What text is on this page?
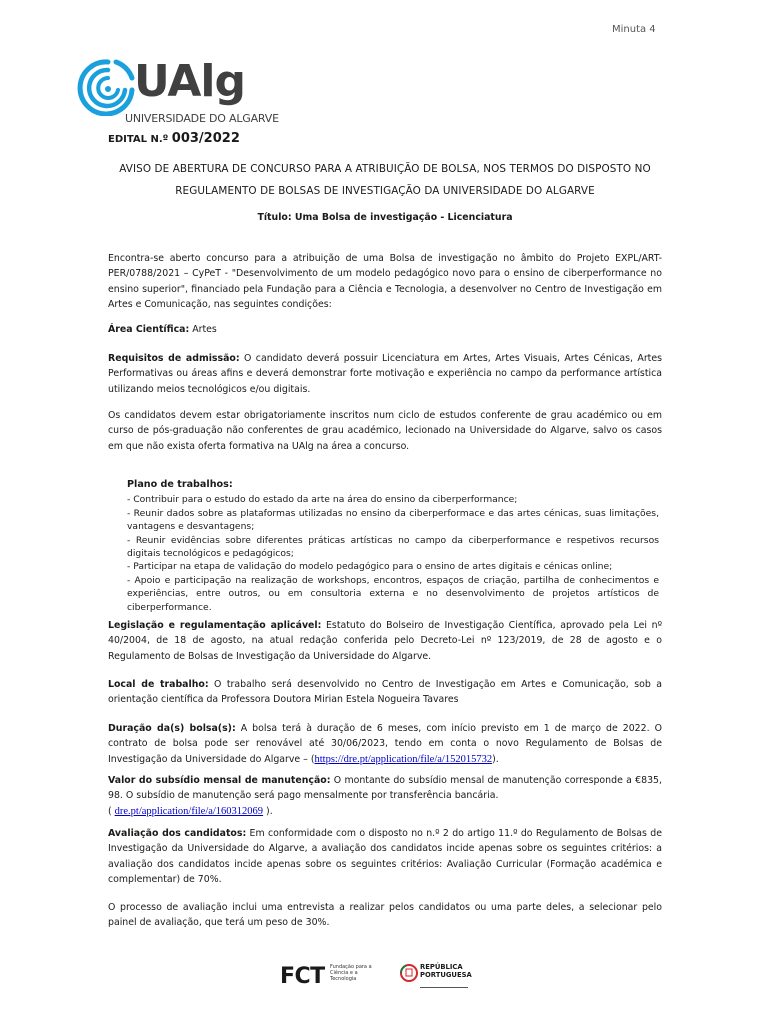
Minuta 4
UAlg
UNIVERSIDADE DO ALGARVE
EDITAL N.º 003/2022
AVISO DE ABERTURA DE CONCURSO PARA A ATRIBUIÇÃO DE BOLSA, NOS TERMOS DO DISPOSTO NO
REGULAMENTO DE BOLSAS DE INVESTIGAÇÃO DA UNIVERSIDADE DO ALGARVE
Título: Uma Bolsa de investigação - Licenciatura
Encontra-se aberto concurso para a atribuição de uma Bolsa de investigação no âmbito do Projeto EXPL/ART-PER/0788/2021 – CyPeT - "Desenvolvimento de um modelo pedagógico novo para o ensino de ciberperformance no ensino superior", financiado pela Fundação para a Ciência e Tecnologia, a desenvolver no Centro de Investigação em Artes e Comunicação, nas seguintes condições:
Área Científica: Artes
Requisitos de admissão: O candidato deverá possuir Licenciatura em Artes, Artes Visuais, Artes Cénicas, Artes Performativas ou áreas afins e deverá demonstrar forte motivação e experiência no campo da performance artística utilizando meios tecnológicos e/ou digitais.
Os candidatos devem estar obrigatoriamente inscritos num ciclo de estudos conferente de grau académico ou em curso de pós-graduação não conferentes de grau académico, lecionado na Universidade do Algarve, salvo os casos em que não exista oferta formativa na UAlg na área a concurso.
Plano de trabalhos:
- Contribuir para o estudo do estado da arte na área do ensino da ciberperformance;
- Reunir dados sobre as plataformas utilizadas no ensino da ciberperformace e das artes cénicas, suas limitações, vantagens e desvantagens;
- Reunir evidências sobre diferentes práticas artísticas no campo da ciberperformance e respetivos recursos digitais tecnológicos e pedagógicos;
- Participar na etapa de validação do modelo pedagógico para o ensino de artes digitais e cénicas online;
- Apoio e participação na realização de workshops, encontros, espaços de criação, partilha de conhecimentos e experiências, entre outros, ou em consultoria externa e no desenvolvimento de projetos artísticos de ciberperformance.
Legislação e regulamentação aplicável: Estatuto do Bolseiro de Investigação Científica, aprovado pela Lei nº 40/2004, de 18 de agosto, na atual redação conferida pelo Decreto-Lei nº 123/2019, de 28 de agosto e o Regulamento de Bolsas de Investigação da Universidade do Algarve.
Local de trabalho: O trabalho será desenvolvido no Centro de Investigação em Artes e Comunicação, sob a orientação científica da Professora Doutora Mirian Estela Nogueira Tavares
Duração da(s) bolsa(s): A bolsa terá à duração de 6 meses, com início previsto em 1 de março de 2022. O contrato de bolsa pode ser renovável até 30/06/2023, tendo em conta o novo Regulamento de Bolsas de Investigação da Universidade do Algarve – (https://dre.pt/application/file/a/152015732).
Valor do subsídio mensal de manutenção: O montante do subsídio mensal de manutenção corresponde a €835, 98. O subsídio de manutenção será pago mensalmente por transferência bancária.
( dre.pt/application/file/a/160312069 ).
Avaliação dos candidatos: Em conformidade com o disposto no n.º 2 do artigo 11.º do Regulamento de Bolsas de Investigação da Universidade do Algarve, a avaliação dos candidatos incide apenas sobre os seguintes critérios: a avaliação dos candidatos incide apenas sobre os seguintes critérios: Avaliação Curricular (Formação académica e complementar) de 70%.
O processo de avaliação inclui uma entrevista a realizar pelos candidatos ou uma parte deles, a selecionar pelo painel de avaliação, que terá um peso de 30%.
FCT Fundação para a Ciência e a Tecnologia
REPÚBLICA
PORTUGUESA
